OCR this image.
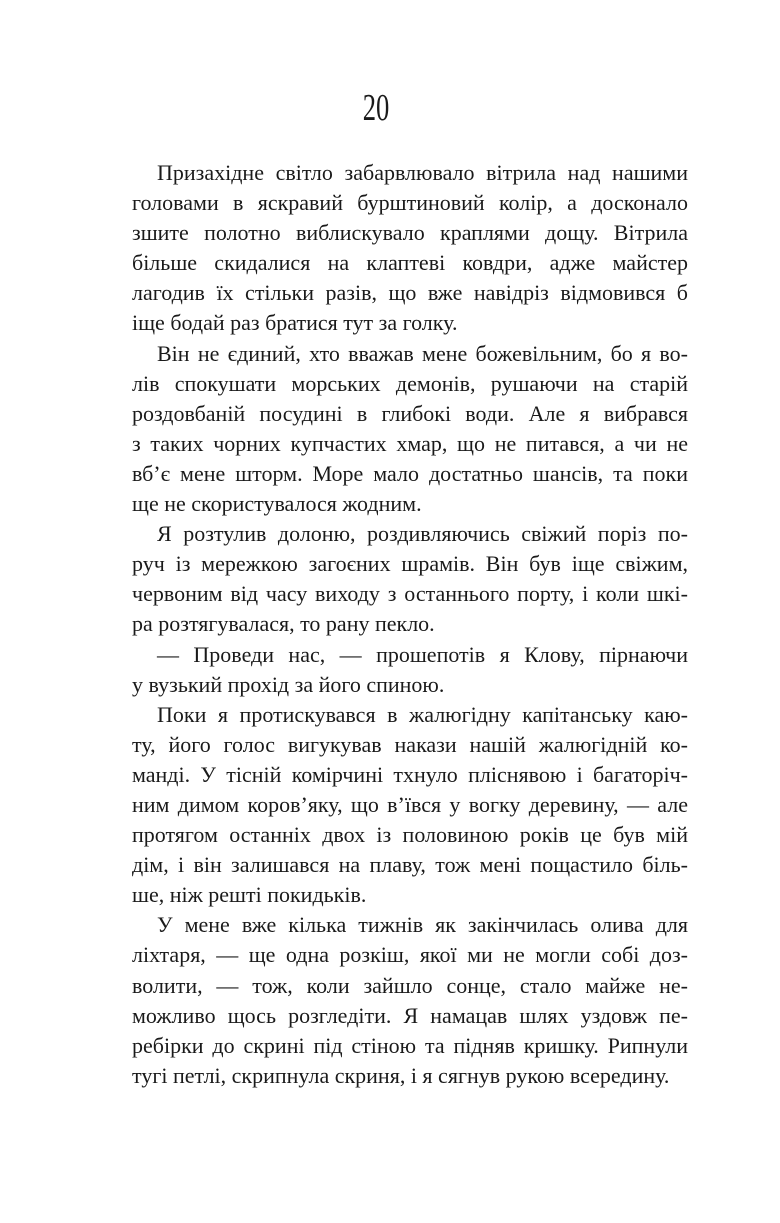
20

Призахідне світло забарвлювало вітрила над нашими
головами в яскравий бурштиновий колір, а досконало
зшите полотно виблискувало краплями дощу. Вітрила
більше скидалися на клаптеві ковдри, адже майстер
лагодив їх стільки разів, що вже навідріз відмовився б
іще бодай раз братися тут за голку.

Він не єдиний, хто вважав мене божевільним, бо я во-
лів спокушати морських демонів, рушаючи на старій
роздовбаній посудині в глибокі води. Але я вибрався
з таких чорних купчастих хмар, що не питався, а чи не
вб’є мене шторм. Море мало достатньо шансів, та поки
ще не скористувалося жодним.

Я розтулив долоню, роздивляючись свіжий поріз по-
руч із мережкою загоєних шрамів. Він був іще свіжим,
червоним від часу виходу з останнього порту, і коли шкі-
ра розтягувалася, то рану пекло.

— Проведи нас, — прошепотів я Клову, пірнаючи
у вузький прохід за його спиною.

Поки я протискувався в жалюгідну капітанську каю-
ту, його голос вигукував накази нашій жалюгідній ко-
манді. У тісній комірчині тхнуло пліснявою і багаторіч-
ним димом коров’яку, що в’ївся у вогку деревину, — але
протягом останніх двох із половиною років це був мій
дім, і він залишався на плаву, тож мені пощастило біль-
ше, ніж решті покидьків.

У мене вже кілька тижнів як закінчилась олива для
ліхтаря, — ще одна розкіш, якої ми не могли собі доз-
волити, — тож, коли зайшло сонце, стало майже не-
можливо щось розгледіти. Я намацав шлях уздовж пе-
ребірки до скрині під стіною та підняв кришку. Рипнули
тугі петлі, скрипнула скриня, і я сягнув рукою всередину.
